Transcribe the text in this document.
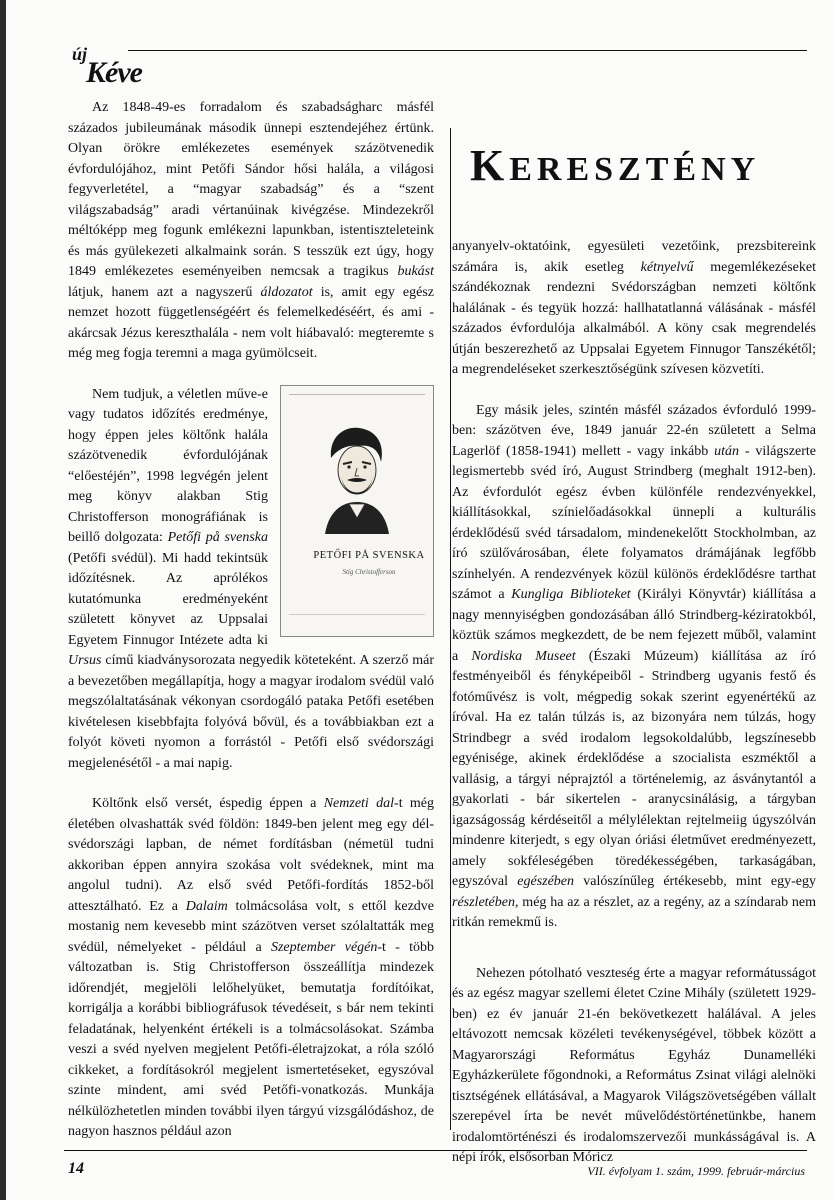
új
Kéve

Az 1848-49-es forradalom és szabadságharc másfél százados jubileumának második ünnepi esztendejéhez értünk. Olyan örökre emlékezetes események százötvenedik évfordulójához, mint Petőfi Sándor hősi halála, a világosi fegyverletétel, a “magyar szabadság” és a “szent világszabadság” aradi vértanúinak kivégzése. Mindezekről méltóképp meg fogunk emlékezni lapunkban, istentiszteleteink és más gyülekezeti alkalmaink során. S tesszük ezt úgy, hogy 1849 emlékezetes eseményeiben nemcsak a tragikus bukást látjuk, hanem azt a nagyszerű áldozatot is, amit egy egész nemzet hozott függetlenségéért és felemelkedéséért, és ami - akárcsak Jézus kereszthalála - nem volt hiábavaló: megteremte s még meg fogja teremni a maga gyümölcseit.

PETŐFI PÅ SVENSKA
Stig Christofferson
Nem tudjuk, a véletlen műve-e vagy tudatos időzítés eredménye, hogy éppen jeles költőnk halála százötvenedik évfordulójának “előestéjén”, 1998 legvégén jelent meg könyv alakban Stig Christofferson monográfiának is beillő dolgozata: Petőfi på svenska (Petőfi svédül). Mi hadd tekintsük időzítésnek. Az aprólékos kutatómunka eredményeként született könyvet az Uppsalai Egyetem Finnugor Intézete adta ki Ursus című kiadványsorozata negyedik köteteként. A szerző már a bevezetőben megállapítja, hogy a magyar irodalom svédül való megszólaltatásának vékonyan csordogáló pataka Petőfi esetében kivételesen kisebbfajta folyóvá bővül, és a továbbiakban ezt a folyót követi nyomon a forrástól - Petőfi első svédországi megjelenésétől - a mai napig.

Költőnk első versét, éspedig éppen a Nemzeti dal-t még életében olvashatták svéd földön: 1849-ben jelent meg egy dél-svédországi lapban, de német fordításban (németül tudni akkoriban éppen annyira szokása volt svédeknek, mint ma angolul tudni). Az első svéd Petőfi-fordítás 1852-ből attesztálható. Ez a Dalaim tolmácsolása volt, s ettől kezdve mostanig nem kevesebb mint százötven verset szólaltatták meg svédül, némelyeket - például a Szeptember végén-t - több változatban is. Stig Christofferson összeállítja mindezek időrendjét, megjelöli lelőhelyüket, bemutatja fordítóikat, korrigálja a korábbi bibliográfusok tévedéseit, s bár nem tekinti feladatának, helyenként értékeli is a tolmácsolásokat. Számba veszi a svéd nyelven megjelent Petőfi-életrajzokat, a róla szóló cikkeket, a fordításokról megjelent ismertetéseket, egyszóval szinte mindent, ami svéd Petőfi-vonatkozás. Munkája nélkülözhetetlen minden további ilyen tárgyú vizsgálódáshoz, de nagyon hasznos például azon

KERESZTÉNY

anyanyelv-oktatóink, egyesületi vezetőink, prezsbitereink számára is, akik esetleg kétnyelvű megemlékezéseket szándékoznak rendezni Svédországban nemzeti költőnk halálának - és tegyük hozzá: hallhatatlanná válásának - másfél százados évfordulója alkalmából. A köny csak megrendelés útján beszerezhető az Uppsalai Egyetem Finnugor Tanszékétől; a megrendeléseket szerkesztőségünk szívesen közvetíti.

Egy másik jeles, szintén másfél százados évforduló 1999-ben: százötven éve, 1849 január 22-én született a Selma Lagerlöf (1858-1941) mellett - vagy inkább után - világszerte legismertebb svéd író, August Strindberg (meghalt 1912-ben). Az évfordulót egész évben különféle rendezvényekkel, kiállításokkal, színielőadásokkal ünnepli a kulturális érdeklődésű svéd társadalom, mindenekelőtt Stockholmban, az író szülővárosában, élete folyamatos drámájának legfőbb színhelyén. A rendezvények közül különös érdeklődésre tarthat számot a Kungliga Biblioteket (Királyi Könyvtár) kiállítása a nagy mennyiségben gondozásában álló Strindberg-kéziratokból, köztük számos megkezdett, de be nem fejezett műből, valamint a Nordiska Museet (Északi Múzeum) kiállítása az író festményeiből és fényképeiből - Strindberg ugyanis festő és fotóművész is volt, mégpedig sokak szerint egyenértékű az íróval. Ha ez talán túlzás is, az bizonyára nem túlzás, hogy Strindbegr a svéd irodalom legsokoldalúbb, legszínesebb egyénisége, akinek érdeklődése a szocialista eszméktől a vallásig, a tárgyi néprajztól a történelemig, az ásványtantól a gyakorlati - bár sikertelen - aranycsinálásig, a tárgyban igazságosság kérdéseitől a mélylélektan rejtelmeiig úgyszólván mindenre kiterjedt, s egy olyan óriási életművet eredményezett, amely sokféleségében töredékességében, tarkaságában, egyszóval egészében valószínűleg értékesebb, mint egy-egy részletében, még ha az a részlet, az a regény, az a színdarab nem ritkán remekmű is.

Nehezen pótolható veszteség érte a magyar reformátusságot és az egész magyar szellemi életet Czine Mihály (született 1929-ben) ez év január 21-én bekövetkezett halálával. A jeles eltávozott nemcsak közéleti tevékenységével, többek között a Magyarországi Református Egyház Dunamelléki Egyházkerülete főgondnoki, a Református Zsinat világi alelnöki tisztségének ellátásával, a Magyarok Világszövetségében vállalt szerepével írta be nevét művelődéstörténetünkbe, hanem irodalomtörténészi és irodalomszervezői munkásságával is. A népi írók, elsősorban Móricz

14	VII. évfolyam 1. szám, 1999. február-március
